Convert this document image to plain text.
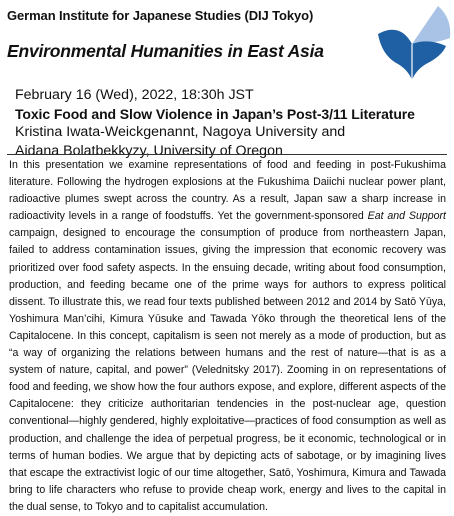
German Institute for Japanese Studies (DIJ Tokyo)
Environmental Humanities in East Asia
February 16 (Wed), 2022, 18:30h JST
Toxic Food and Slow Violence in Japan’s Post-3/11 Literature
Kristina Iwata-Weickgenannt, Nagoya University and
Aidana Bolatbekkyzy, University of Oregon

In this presentation we examine representations of food and feeding in post-Fukushima literature. Following the hydrogen explosions at the Fukushima Daiichi nuclear power plant, radioactive plumes swept across the country. As a result, Japan saw a sharp increase in radioactivity levels in a range of foodstuffs. Yet the government-sponsored Eat and Support campaign, designed to encourage the consumption of produce from northeastern Japan, failed to address contamination issues, giving the impression that economic recovery was prioritized over food safety aspects. In the ensuing decade, writing about food consumption, production, and feeding became one of the prime ways for authors to express political dissent. To illustrate this, we read four texts published between 2012 and 2014 by Satō Yūya, Yoshimura Man’cihi, Kimura Yūsuke and Tawada Yōko through the theoretical lens of the Capitalocene. In this concept, capitalism is seen not merely as a mode of production, but as “a way of organizing the relations between humans and the rest of nature—that is as a system of nature, capital, and power” (Velednitsky 2017). Zooming in on representations of food and feeding, we show how the four authors expose, and explore, different aspects of the Capitalocene: they criticize authoritarian tendencies in the post-nuclear age, question conventional—highly gendered, highly exploitative—practices of food consumption as well as production, and challenge the idea of perpetual progress, be it economic, technological or in terms of human bodies. We argue that by depicting acts of sabotage, or by imagining lives that escape the extractivist logic of our time altogether, Satō, Yoshimura, Kimura and Tawada bring to life characters who refuse to provide cheap work, energy and lives to the capital in the dual sense, to Tokyo and to capitalist accumulation.
